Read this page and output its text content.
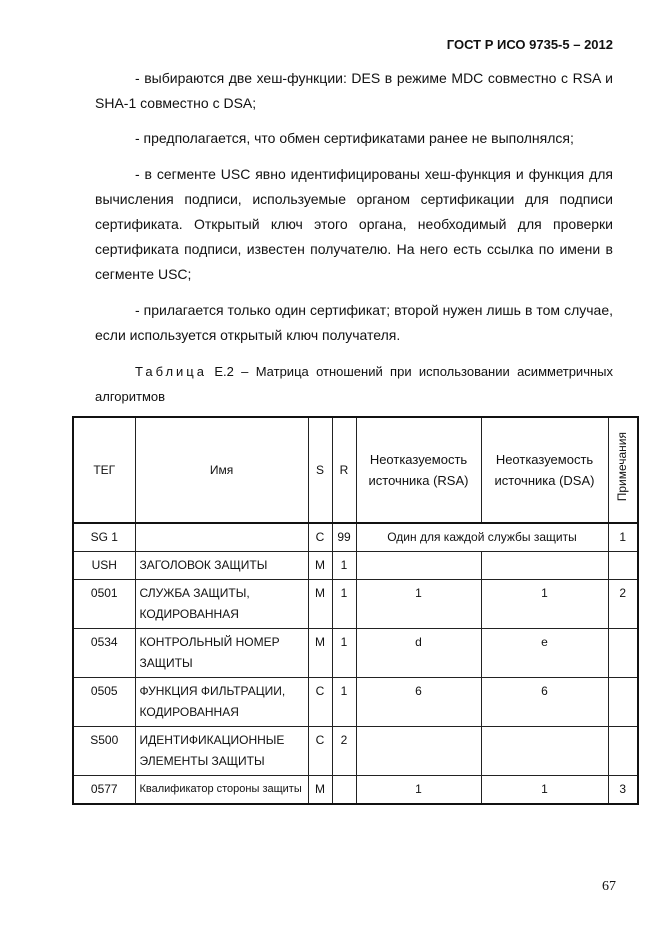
ГОСТ Р ИСО 9735-5 – 2012

- выбираются две хеш-функции: DES в режиме MDC совместно с RSA и SHA-1 совместно с DSA;

- предполагается, что обмен сертификатами ранее не выполнялся;

- в сегменте USC явно идентифицированы хеш-функция и функция для вычисления подписи, используемые органом сертификации для подписи сертификата. Открытый ключ этого органа, необходимый для проверки сертификата подписи, известен получателю. На него есть ссылка по имени в сегменте USC;

- прилагается только один сертификат; второй нужен лишь в том случае, если используется открытый ключ получателя.

Таблица Е.2 – Матрица отношений при использовании асимметричных алгоритмов
ТЕГ	Имя	S	R	Неотказуемость источника (RSA)	Неотказуемость источника (DSA)	Примечания
SG 1		C	99	Один для каждой службы защиты		1
USH	ЗАГОЛОВОК ЗАЩИТЫ	M	1			
0501	СЛУЖБА ЗАЩИТЫ, КОДИРОВАННАЯ	M	1	1	1	2
0534	КОНТРОЛЬНЫЙ НОМЕР ЗАЩИТЫ	M	1	d	e	
0505	ФУНКЦИЯ ФИЛЬТРАЦИИ, КОДИРОВАННАЯ	C	1	6	6	
S500	ИДЕНТИФИКАЦИОННЫЕ ЭЛЕМЕНТЫ ЗАЩИТЫ	C	2			
0577	Квалификатор стороны защиты	M		1	1	3
67
